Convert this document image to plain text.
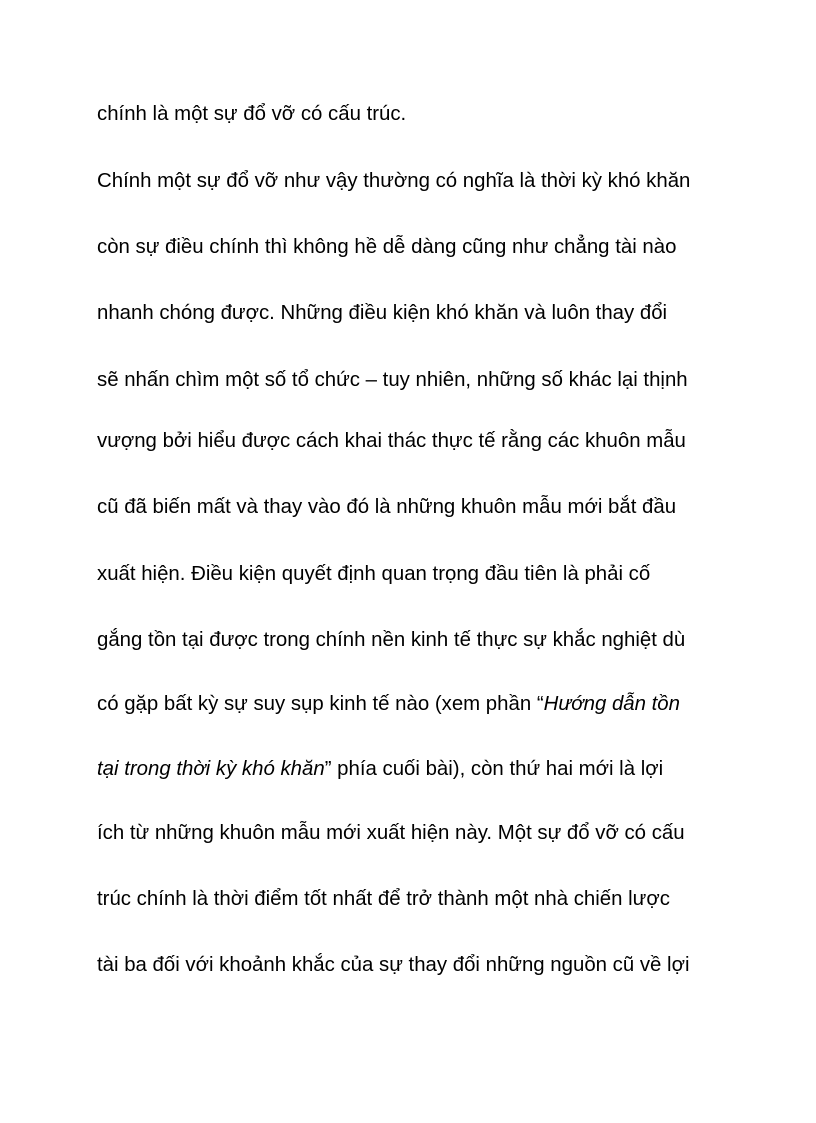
chính là một sự đổ vỡ có cấu trúc.

Chính một sự đổ vỡ như vậy thường có nghĩa là thời kỳ khó khăn

còn sự điều chính thì không hề dễ dàng cũng như chẳng tài nào

nhanh chóng được. Những điều kiện khó khăn và luôn thay đổi

sẽ nhấn chìm một số tổ chức – tuy nhiên, những số khác lại thịnh

vượng bởi hiểu được cách khai thác thực tế rằng các khuôn mẫu

cũ đã biến mất và thay vào đó là những khuôn mẫu mới bắt đầu

xuất hiện. Điều kiện quyết định quan trọng đầu tiên là phải cố

gắng tồn tại được trong chính nền kinh tế thực sự khắc nghiệt dù

có gặp bất kỳ sự suy sụp kinh tế nào (xem phần “Hướng dẫn tồn

tại trong thời kỳ khó khăn” phía cuối bài), còn thứ hai mới là lợi

ích từ những khuôn mẫu mới xuất hiện này. Một sự đổ vỡ có cấu

trúc chính là thời điểm tốt nhất để trở thành một nhà chiến lược

tài ba đối với khoảnh khắc của sự thay đổi những nguồn cũ về lợi
